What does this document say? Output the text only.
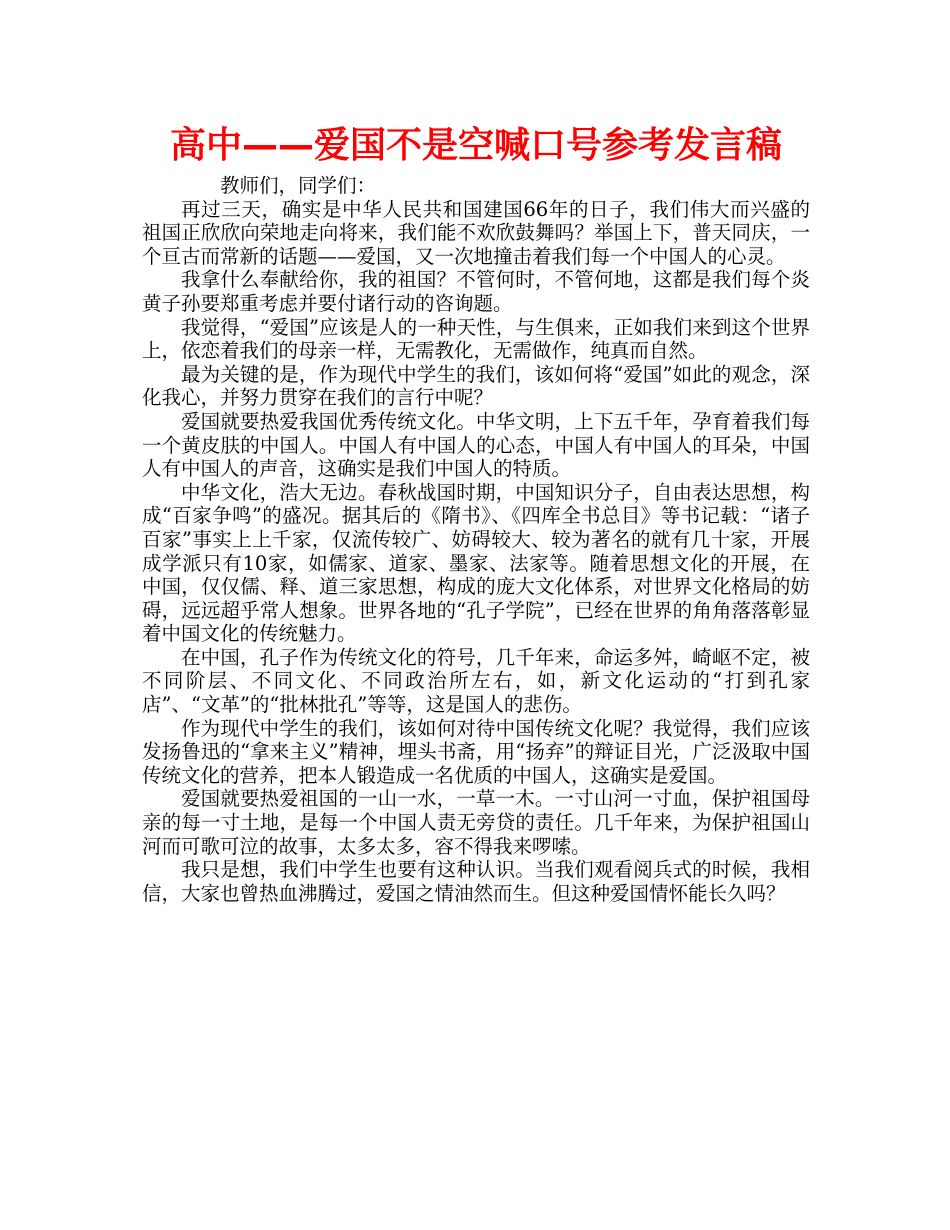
高中——爱国不是空喊口号参考发言稿

教师们，同学们：

再过三天，确实是中华人民共和国建国66年的日子，我们伟大而兴盛的祖国正欣欣向荣地走向将来，我们能不欢欣鼓舞吗？举国上下，普天同庆，一个亘古而常新的话题——爱国，又一次地撞击着我们每一个中国人的心灵。

我拿什么奉献给你，我的祖国？不管何时，不管何地，这都是我们每个炎黄子孙要郑重考虑并要付诸行动的咨询题。

我觉得，“爱国”应该是人的一种天性，与生俱来，正如我们来到这个世界上，依恋着我们的母亲一样，无需教化，无需做作，纯真而自然。

最为关键的是，作为现代中学生的我们，该如何将“爱国”如此的观念，深化我心，并努力贯穿在我们的言行中呢？

爱国就要热爱我国优秀传统文化。中华文明，上下五千年，孕育着我们每一个黄皮肤的中国人。中国人有中国人的心态，中国人有中国人的耳朵，中国人有中国人的声音，这确实是我们中国人的特质。

中华文化，浩大无边。春秋战国时期，中国知识分子，自由表达思想，构成“百家争鸣”的盛况。据其后的《隋书》、《四库全书总目》等书记载：“诸子百家”事实上上千家，仅流传较广、妨碍较大、较为著名的就有几十家，开展成学派只有10家，如儒家、道家、墨家、法家等。随着思想文化的开展，在中国，仅仅儒、释、道三家思想，构成的庞大文化体系，对世界文化格局的妨碍，远远超乎常人想象。世界各地的“孔子学院”，已经在世界的角角落落彰显着中国文化的传统魅力。

在中国，孔子作为传统文化的符号，几千年来，命运多舛，崎岖不定，被不同阶层、不同文化、不同政治所左右，如，新文化运动的“打到孔家店”、“文革”的“批林批孔”等等，这是国人的悲伤。

作为现代中学生的我们，该如何对待中国传统文化呢？我觉得，我们应该发扬鲁迅的“拿来主义”精神，埋头书斋，用“扬弃”的辩证目光，广泛汲取中国传统文化的营养，把本人锻造成一名优质的中国人，这确实是爱国。

爱国就要热爱祖国的一山一水，一草一木。一寸山河一寸血，保护祖国母亲的每一寸土地，是每一个中国人责无旁贷的责任。几千年来，为保护祖国山河而可歌可泣的故事，太多太多，容不得我来啰嗦。

我只是想，我们中学生也要有这种认识。当我们观看阅兵式的时候，我相信，大家也曾热血沸腾过，爱国之情油然而生。但这种爱国情怀能长久吗？
